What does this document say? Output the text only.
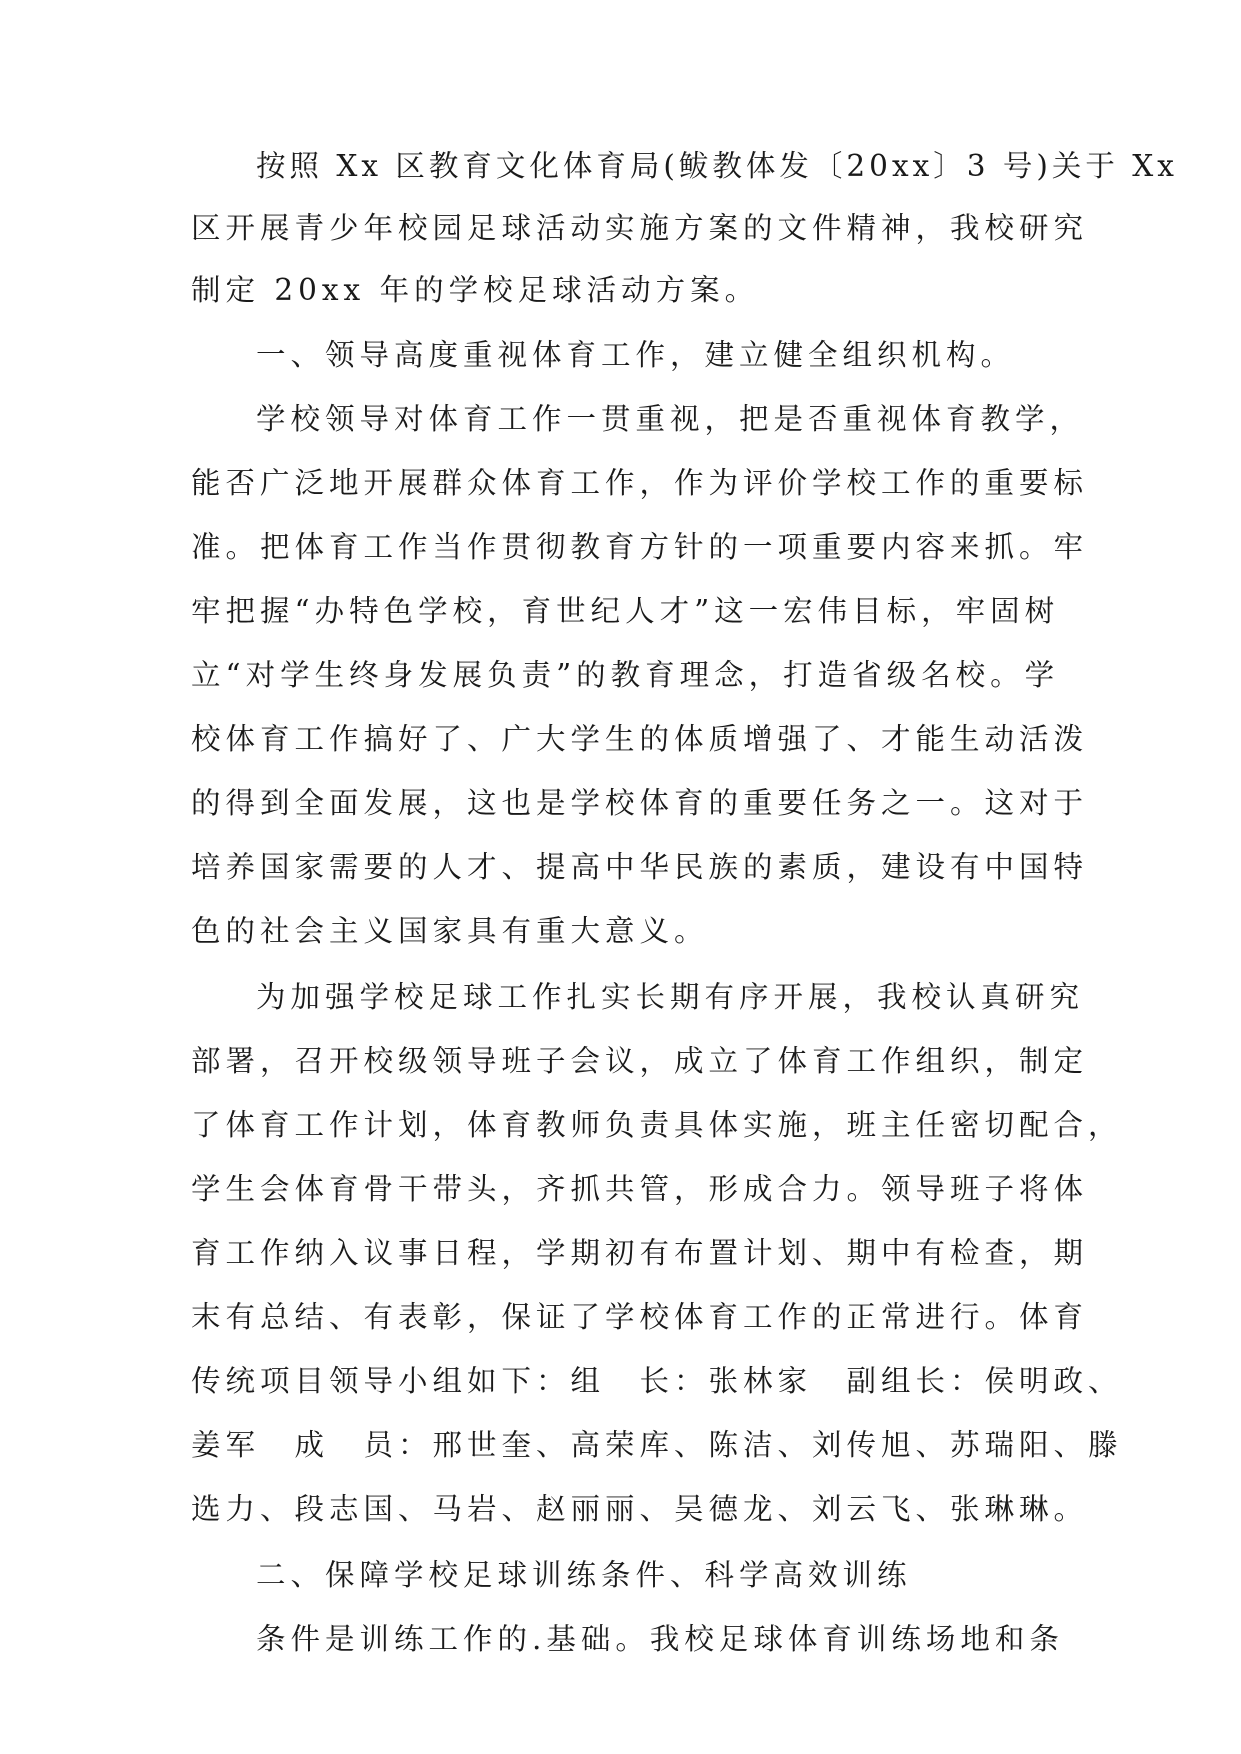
按照 Xx 区教育文化体育局(鲅教体发〔20xx〕3 号)关于 Xx
区开展青少年校园足球活动实施方案的文件精神，我校研究
制定 20xx 年的学校足球活动方案。
一、领导高度重视体育工作，建立健全组织机构。
学校领导对体育工作一贯重视，把是否重视体育教学，
能否广泛地开展群众体育工作，作为评价学校工作的重要标
准。把体育工作当作贯彻教育方针的一项重要内容来抓。牢
牢把握“办特色学校，育世纪人才”这一宏伟目标，牢固树
立“对学生终身发展负责”的教育理念，打造省级名校。学
校体育工作搞好了、广大学生的体质增强了、才能生动活泼
的得到全面发展，这也是学校体育的重要任务之一。这对于
培养国家需要的人才、提高中华民族的素质，建设有中国特
色的社会主义国家具有重大意义。
为加强学校足球工作扎实长期有序开展，我校认真研究
部署，召开校级领导班子会议，成立了体育工作组织，制定
了体育工作计划，体育教师负责具体实施，班主任密切配合，
学生会体育骨干带头，齐抓共管，形成合力。领导班子将体
育工作纳入议事日程，学期初有布置计划、期中有检查，期
末有总结、有表彰，保证了学校体育工作的正常进行。体育
传统项目领导小组如下：组　长：张林家　副组长：侯明政、
姜军　成　员：邢世奎、高荣库、陈洁、刘传旭、苏瑞阳、滕
选力、段志国、马岩、赵丽丽、吴德龙、刘云飞、张琳琳。
二、保障学校足球训练条件、科学高效训练
条件是训练工作的.基础。我校足球体育训练场地和条
